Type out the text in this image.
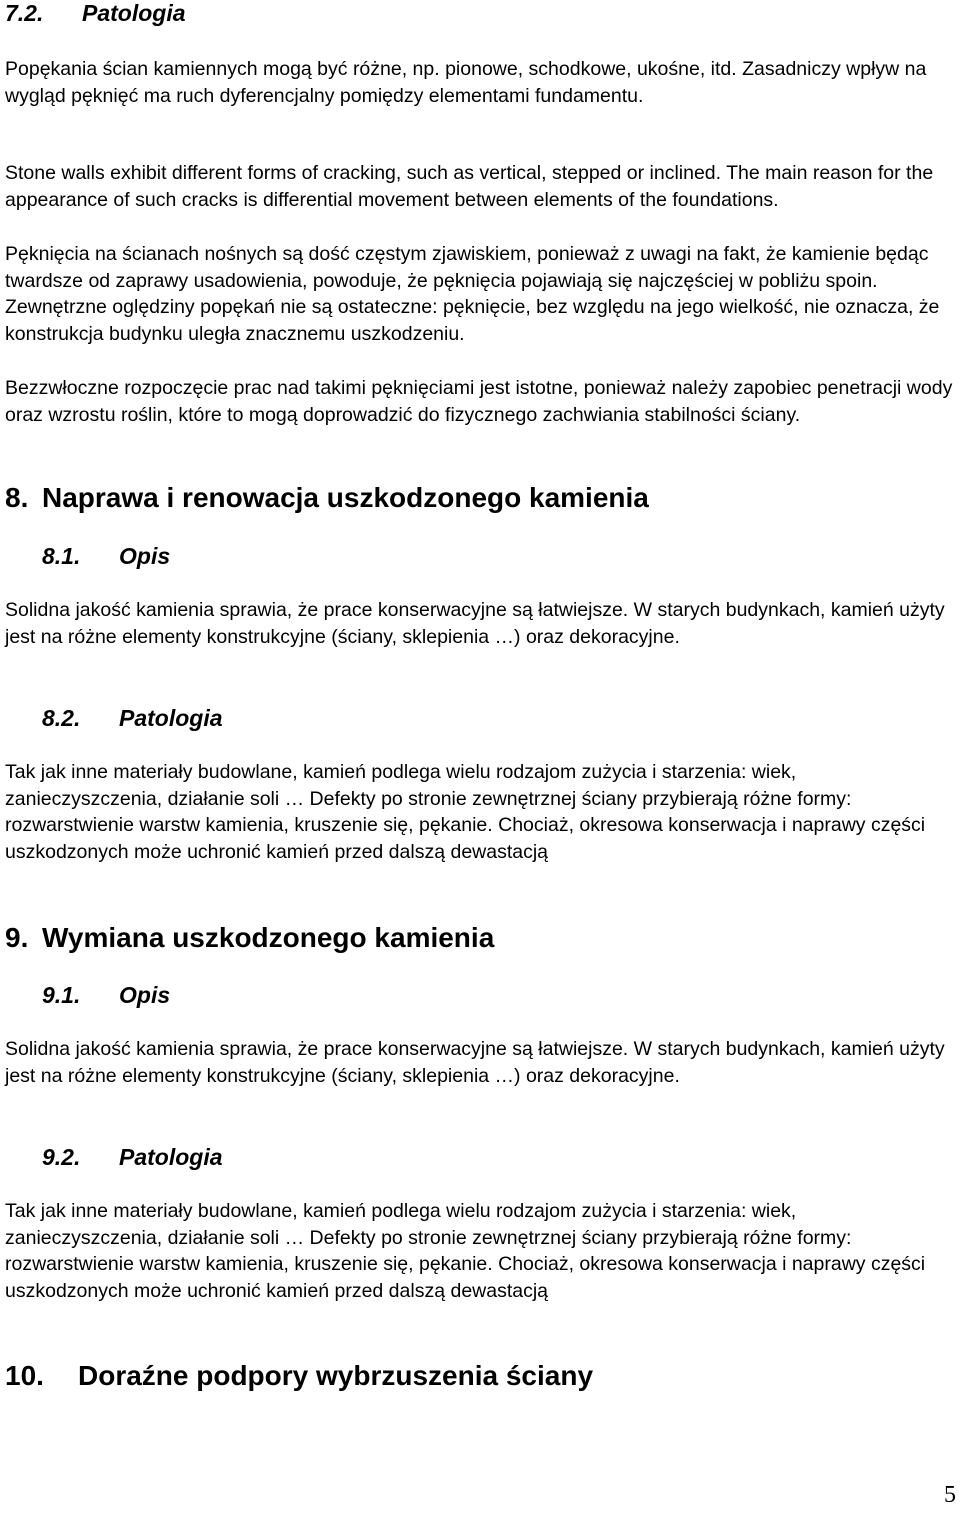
7.2. Patologia

Popękania ścian kamiennych mogą być różne, np. pionowe, schodkowe, ukośne, itd. Zasadniczy wpływ na wygląd pęknięć ma ruch dyferencjalny pomiędzy elementami fundamentu.

Stone walls exhibit different forms of cracking, such as vertical, stepped or inclined. The main reason for the appearance of such cracks is differential movement between elements of the foundations.

Pęknięcia na ścianach nośnych są dość częstym zjawiskiem, ponieważ z uwagi na fakt, że kamienie będąc twardsze od zaprawy usadowienia, powoduje, że pęknięcia pojawiają się najczęściej w pobliżu spoin. Zewnętrzne oględziny popękań nie są ostateczne: pęknięcie, bez względu na jego wielkość, nie oznacza, że konstrukcja budynku uległa znacznemu uszkodzeniu.

Bezzwłoczne rozpoczęcie prac nad takimi pęknięciami jest istotne, ponieważ należy zapobiec penetracji wody oraz wzrostu roślin, które to mogą doprowadzić do fizycznego zachwiania stabilności ściany.

8. Naprawa i renowacja uszkodzonego kamienia
8.1. Opis

Solidna jakość kamienia sprawia, że prace konserwacyjne są łatwiejsze. W starych budynkach, kamień użyty jest na różne elementy konstrukcyjne (ściany, sklepienia …) oraz dekoracyjne.

8.2. Patologia

Tak jak inne materiały budowlane, kamień podlega wielu rodzajom zużycia i starzenia: wiek, zanieczyszczenia, działanie soli … Defekty po stronie zewnętrznej ściany przybierają różne formy: rozwarstwienie warstw kamienia, kruszenie się, pękanie. Chociaż, okresowa konserwacja i naprawy części uszkodzonych może uchronić kamień przed dalszą dewastacją

9. Wymiana uszkodzonego kamienia
9.1. Opis

Solidna jakość kamienia sprawia, że prace konserwacyjne są łatwiejsze. W starych budynkach, kamień użyty jest na różne elementy konstrukcyjne (ściany, sklepienia …) oraz dekoracyjne.

9.2. Patologia

Tak jak inne materiały budowlane, kamień podlega wielu rodzajom zużycia i starzenia: wiek, zanieczyszczenia, działanie soli … Defekty po stronie zewnętrznej ściany przybierają różne formy: rozwarstwienie warstw kamienia, kruszenie się, pękanie. Chociaż, okresowa konserwacja i naprawy części uszkodzonych może uchronić kamień przed dalszą dewastacją

10. Doraźne podpory wybrzuszenia ściany
5
